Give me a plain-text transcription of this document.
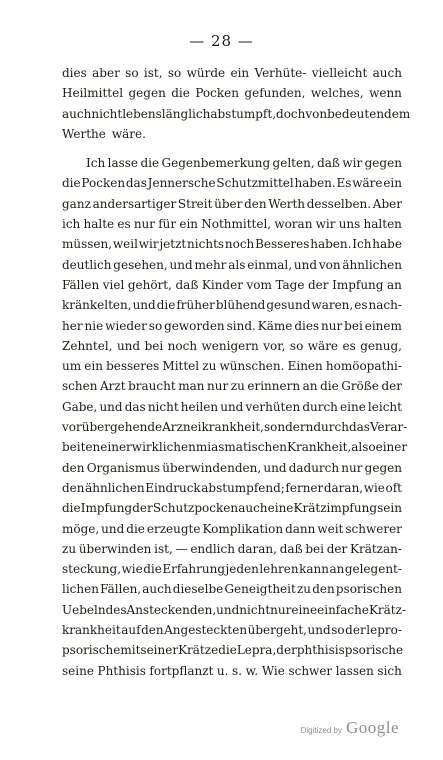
— 28 —
dies aber so ist, so würde ein Verhüte- vielleicht auch
Heilmittel gegen die Pocken gefunden, welches, wenn
auch nicht lebenslänglich abstumpft, doch von bedeutendem
Werthe wäre.
Ich lasse die Gegenbemerkung gelten, daß wir gegen
die Pocken das Jennersche Schutzmittel haben. Es wäre ein
ganz andersartiger Streit über den Werth desselben. Aber
ich halte es nur für ein Nothmittel, woran wir uns halten
müssen, weil wir jetzt nichts noch Besseres haben. Ich habe
deutlich gesehen, und mehr als einmal, und von ähnlichen
Fällen viel gehört, daß Kinder vom Tage der Impfung an
kränkelten, und die früher blühend gesund waren, es nach-
her nie wieder so geworden sind. Käme dies nur bei einem
Zehntel, und bei noch wenigern vor, so wäre es genug,
um ein besseres Mittel zu wünschen. Einen homöopathi-
schen Arzt braucht man nur zu erinnern an die Größe der
Gabe, und das nicht heilen und verhüten durch eine leicht
vorübergehende Arzneikrankheit, sondern durch das Verar-
beiten einer wirklichen miasmatischen Krankheit, also einer
den Organismus überwindenden, und dadurch nur gegen
den ähnlichen Eindruck abstumpfend; ferner daran, wie oft
die Impfung der Schutzpocken auch eine Krätzimpfung sein
möge, und die erzeugte Komplikation dann weit schwerer
zu überwinden ist, — endlich daran, daß bei der Krätzan-
steckung, wie die Erfahrung jeden lehren kann an gelegent-
lichen Fällen, auch dieselbe Geneigtheit zu den psorischen
Uebeln des Ansteckenden, und nicht nur eine einfache Krätz-
krankheit auf den Angesteckten übergeht, und so der lepro-
psorische mit seiner Krätze die Lepra, der phthisispsorische
seine Phthisis fortpflanzt u. s. w. Wie schwer lassen sich
Digitized by Google
